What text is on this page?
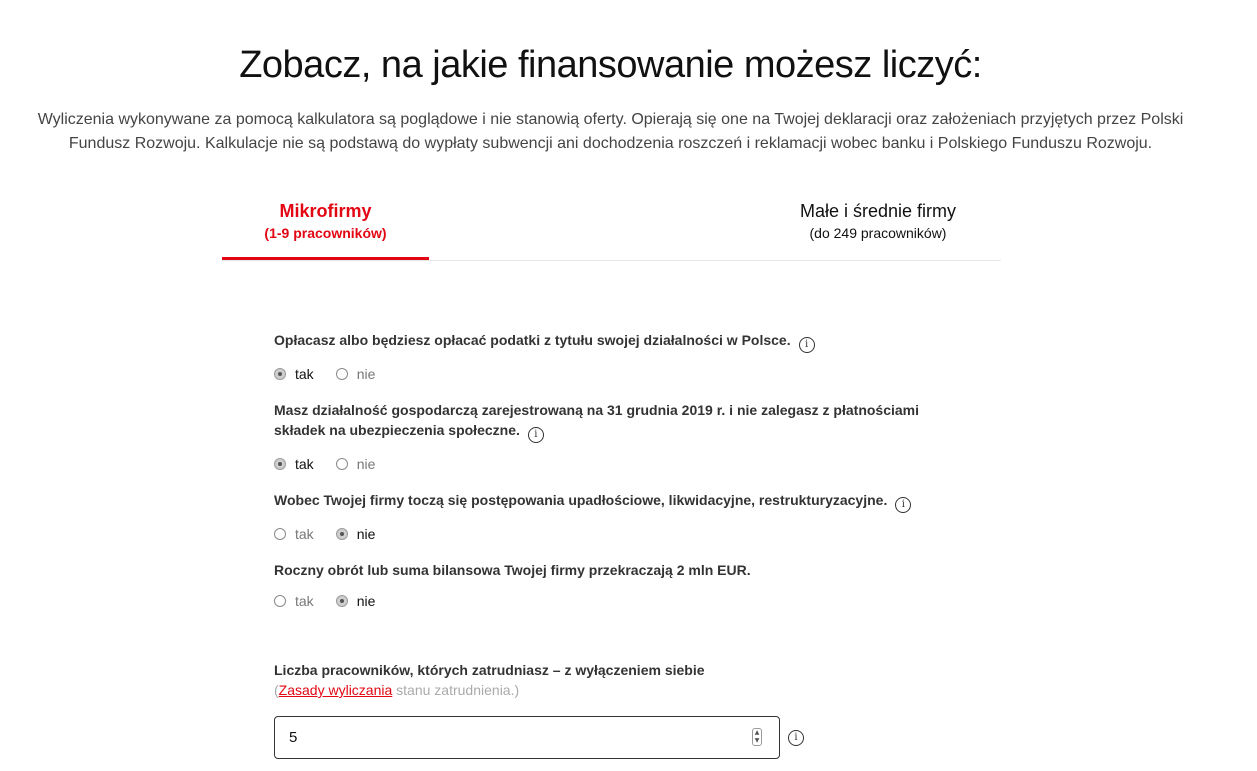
Zobacz, na jakie finansowanie możesz liczyć:

Wyliczenia wykonywane za pomocą kalkulatora są poglądowe i nie stanowią oferty. Opierają się one na Twojej deklaracji oraz założeniach przyjętych przez Polski Fundusz Rozwoju. Kalkulacje nie są podstawą do wypłaty subwencji ani dochodzenia roszczeń i reklamacji wobec banku i Polskiego Funduszu Rozwoju.

Mikrofirmy
(1-9 pracowników)
Małe i średnie firmy
(do 249 pracowników)

Opłacasz albo będziesz opłacać podatki z tytułu swojej działalności w Polsce. i

tak	nie

Masz działalność gospodarczą zarejestrowaną na 31 grudnia 2019 r. i nie zalegasz z płatnościami składek na ubezpieczenia społeczne. i

tak	nie

Wobec Twojej firmy toczą się postępowania upadłościowe, likwidacyjne, restrukturyzacyjne. i

tak	nie

Roczny obrót lub suma bilansowa Twojej firmy przekraczają 2 mln EUR.

tak	nie
Liczba pracowników, których zatrudniasz – z wyłączeniem siebie
(Zasady wyliczania stanu zatrudnienia.)
5
▲
▼	i
